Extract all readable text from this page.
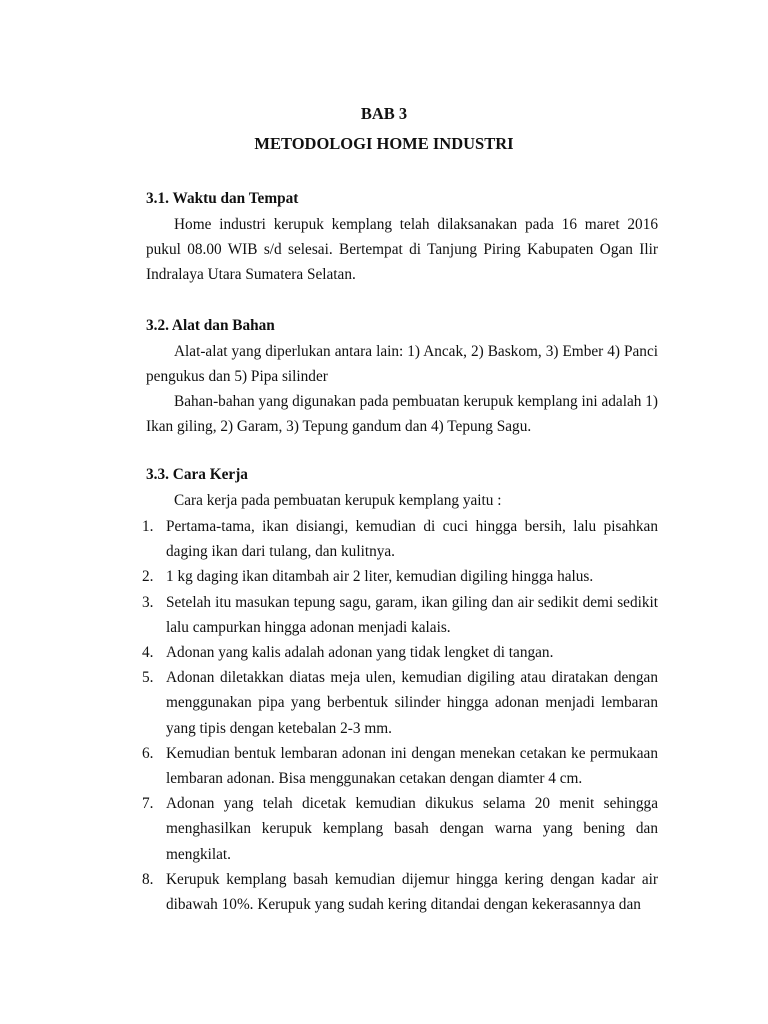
BAB 3
METODOLOGI HOME INDUSTRI
3.1. Waktu dan Tempat

Home industri kerupuk kemplang telah dilaksanakan pada 16 maret 2016 pukul 08.00 WIB s/d selesai. Bertempat di Tanjung Piring Kabupaten Ogan Ilir Indralaya Utara Sumatera Selatan.

3.2. Alat dan Bahan

Alat-alat yang diperlukan antara lain: 1) Ancak, 2) Baskom, 3) Ember 4) Panci pengukus dan 5) Pipa silinder

Bahan-bahan yang digunakan pada pembuatan kerupuk kemplang ini adalah 1) Ikan giling, 2) Garam, 3) Tepung gandum dan 4) Tepung Sagu.

3.3. Cara Kerja

Cara kerja pada pembuatan kerupuk kemplang yaitu :

1. Pertama-tama, ikan disiangi, kemudian di cuci hingga bersih, lalu pisahkan daging ikan dari tulang, dan kulitnya.
2. 1 kg daging ikan ditambah air 2 liter, kemudian digiling hingga halus.
3. Setelah itu masukan tepung sagu, garam, ikan giling dan air sedikit demi sedikit lalu campurkan hingga adonan menjadi kalais.
4. Adonan yang kalis adalah adonan yang tidak lengket di tangan.
5. Adonan diletakkan diatas meja ulen, kemudian digiling atau diratakan dengan menggunakan pipa yang berbentuk silinder hingga adonan menjadi lembaran yang tipis dengan ketebalan 2-3 mm.
6. Kemudian bentuk lembaran adonan ini dengan menekan cetakan ke permukaan lembaran adonan. Bisa menggunakan cetakan dengan diamter 4 cm.
7. Adonan yang telah dicetak kemudian dikukus selama 20 menit sehingga menghasilkan kerupuk kemplang basah dengan warna yang bening dan mengkilat.
8. Kerupuk kemplang basah kemudian dijemur hingga kering dengan kadar air dibawah 10%. Kerupuk yang sudah kering ditandai dengan kekerasannya dan
